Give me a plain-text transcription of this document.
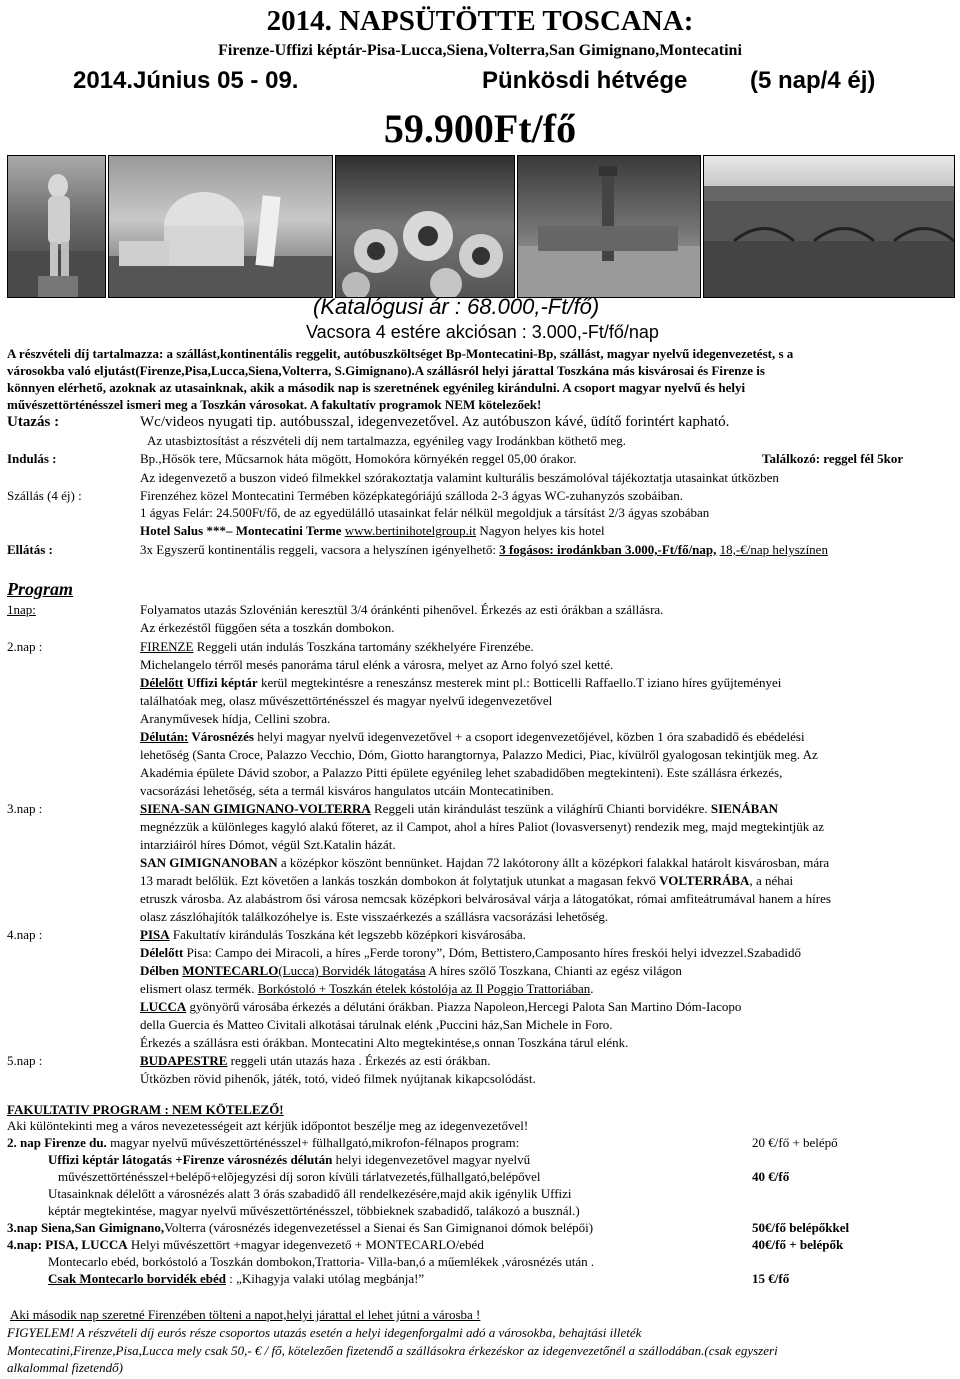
2014. NAPSÜTÖTTE TOSCANA:
Firenze-Uffizi képtár-Pisa-Lucca,Siena,Volterra,San Gimignano,Montecatini
2014.Június 05 - 09.	Pünkösdi hétvége	(5 nap/4 éj)
59.900Ft/fő
(Katalógusi ár : 68.000,-Ft/fő)
Vacsora 4 estére akciósan : 3.000,-Ft/fő/nap
A részvételi díj tartalmazza: a szállást,kontinentális reggelit, autóbuszköltséget Bp-Montecatini-Bp, szállást, magyar nyelvű idegenvezetést, s a
városokba való eljutást(Firenze,Pisa,Lucca,Siena,Volterra, S.Gimignano).A szállásról helyi járattal Toszkána más kisvárosai és Firenze is
könnyen elérhető, azoknak az utasainknak, akik a második nap is szeretnének egyénileg kirándulni. A csoport magyar nyelvű és helyi
művészettörténésszel ismeri meg a Toszkán városokat. A fakultatív programok NEM kötelezőek!
Utazás :	Wc/videos nyugati tip. autóbusszal, idegenvezetővel. Az autóbuszon kávé, üdítő forintért kapható.
Az utasbiztosítást a részvételi díj nem tartalmazza, egyénileg vagy Irodánkban köthető meg.
Indulás :	Bp.,Hősök tere, Műcsarnok háta mögött, Homokóra környékén reggel 05,00 órakor.	Találkozó: reggel fél 5kor
Az idegenvezető a buszon videó filmekkel szórakoztatja valamint kulturális beszámolóval tájékoztatja utasainkat útközben
Szállás (4 éj) :	Firenzéhez közel Montecatini Termében középkategóriájú szálloda 2-3 ágyas WC-zuhanyzós szobáiban.
1 ágyas Felár: 24.500Ft/fő, de az egyedülálló utasainkat felár nélkül megoldjuk a társítást 2/3 ágyas szobában
Hotel Salus ***– Montecatini Terme www.bertinihotelgroup.it Nagyon helyes kis hotel
Ellátás :	3x Egyszerű kontinentális reggeli, vacsora a helyszínen igényelhető: 3 fogásos: irodánkban 3.000,-Ft/fő/nap, 18,-€/nap helyszínen
Program
1nap:	Folyamatos utazás Szlovénián keresztül 3/4 óránkénti pihenővel. Érkezés az esti órákban a szállásra.
Az érkezéstől függően séta a toszkán dombokon.
2.nap :	FIRENZE Reggeli után indulás Toszkána tartomány székhelyére Firenzébe.
Michelangelo térről mesés panoráma tárul elénk a városra, melyet az Arno folyó szel ketté.
Délelőtt Uffizi képtár kerül megtekintésre a reneszánsz mesterek mint pl.: Botticelli Raffaello.T iziano híres gyűjteményei
találhatóak meg, olasz művészettörténésszel és magyar nyelvű idegenvezetővel
Aranyművesek hídja, Cellini szobra.
Délután: Városnézés helyi magyar nyelvű idegenvezetővel + a csoport idegenvezetőjével, közben 1 óra szabadidő és ebédelési
lehetőség (Santa Croce, Palazzo Vecchio, Dóm, Giotto harangtornya, Palazzo Medici, Piac, kívülről gyalogosan tekintjük meg. Az
Akadémia épülete Dávid szobor, a Palazzo Pitti épülete egyénileg lehet szabadidőben megtekinteni). Este szállásra érkezés,
vacsorázási lehetőség, séta a termál kisváros hangulatos utcáin Montecatiniben.
3.nap :	SIENA-SAN GIMIGNANO-VOLTERRA Reggeli után kirándulást teszünk a világhírű Chianti borvidékre. SIENÁBAN
megnézzük a különleges kagyló alakú főteret, az il Campot, ahol a híres Paliot (lovasversenyt) rendezik meg, majd megtekintjük az
intarziáiról híres Dómot, végül Szt.Katalin házát.
SAN GIMIGNANOBAN a középkor köszönt bennünket. Hajdan 72 lakótorony állt a középkori falakkal határolt kisvárosban, mára
13 maradt belőlük. Ezt követően a lankás toszkán dombokon át folytatjuk utunkat a magasan fekvő VOLTERRÁBA, a néhai
etruszk városba. Az alabástrom ősi városa nemcsak középkori belvárosával várja a látogatókat, római amfiteátrumával hanem a híres
olasz zászlóhajítók találkozóhelye is. Este visszaérkezés a szállásra vacsorázási lehetőség.
4.nap :	PISA Fakultatív kirándulás Toszkána két legszebb középkori kisvárosába.
Délelőtt Pisa: Campo dei Miracoli, a híres „Ferde torony”, Dóm, Bettistero,Camposanto híres freskói helyi idvezzel.Szabadidő
Délben MONTECARLO(Lucca) Borvidék látogatása A híres szőlő Toszkana, Chianti az egész világon
elismert olasz termék. Borkóstoló + Toszkán ételek kóstolója az Il Poggio Trattoriában.
LUCCA gyönyörű városába érkezés a délutáni órákban. Piazza Napoleon,Hercegi Palota San Martino Dóm-Iacopo
della Guercia és Matteo Civitali alkotásai tárulnak elénk ,Puccini ház,San Michele in Foro.
Érkezés a szállásra esti órákban. Montecatini Alto megtekintése,s onnan Toszkána tárul elénk.
5.nap :	BUDAPESTRE reggeli után utazás haza . Érkezés az esti órákban.
Útközben rövid pihenők, játék, totó, videó filmek nyújtanak kikapcsolódást.
FAKULTATIV PROGRAM : NEM KÖTELEZŐ!
Aki különtekinti meg a város nevezetességeit azt kérjük időpontot beszélje meg az idegenvezetővel!
2. nap Firenze du. magyar nyelvű művészettörténésszel+ fülhallgató,mikrofon-félnapos program:	20 €/fő + belépő
Uffizi képtár látogatás +Firenze városnézés délután helyi idegenvezetővel magyar nyelvű
művészettörténésszel+belépő+elõjegyzési díj soron kívüli tárlatvezetés,fülhallgató,belépővel	40 €/fő
Utasainknak délelőtt a városnézés alatt 3 órás szabadidő áll rendelkezésére,majd akik igénylik Uffizi
képtár megtekintése, magyar nyelvű művészettörténésszel, többieknek szabadidő, talákozó a busznál.)
3.nap Siena,San Gimignano,Volterra (városnézés idegenvezetéssel a Sienai és San Gimignanoi dómok belépői)	50€/fő belépőkkel
4.nap: PISA, LUCCA Helyi művészettört +magyar idegenvezető + MONTECARLO/ebéd	40€/fő + belépők
Montecarlo ebéd, borkóstoló a Toszkán dombokon,Trattoria- Villa-ban,ó a műemlékek ,városnézés után .
Csak Montecarlo borvidék ebéd : „Kihagyja valaki utólag megbánja!”	15 €/fő
Aki második nap szeretné Firenzében tölteni a napot,helyi járattal el lehet jútni a városba !
FIGYELEM! A részvételi díj eurós része csoportos utazás esetén a helyi idegenforgalmi adó a városokba, behajtási illeték
Montecatini,Firenze,Pisa,Lucca mely csak 50,- € / fő, kötelezően fizetendő a szállásokra érkezéskor az idegenvezetőnél a szállodában.(csak egyszeri
alkalommal fizetendő)
